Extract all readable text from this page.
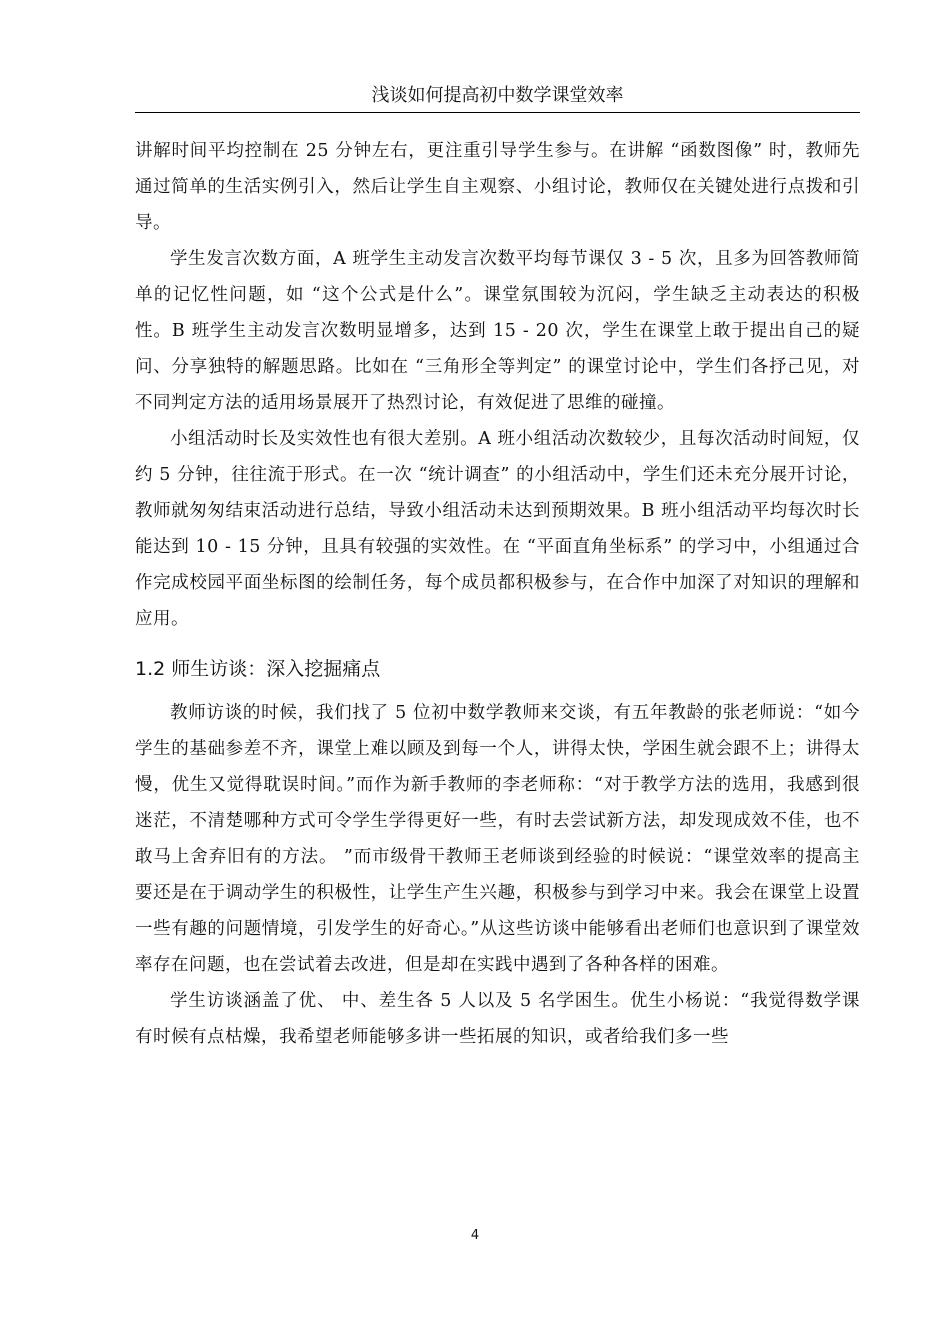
浅谈如何提高初中数学课堂效率

讲解时间平均控制在 25 分钟左右，更注重引导学生参与。在讲解 “函数图像” 时，教师先通过简单的生活实例引入，然后让学生自主观察、小组讨论，教师仅在关键处进行点拨和引导。

学生发言次数方面，A 班学生主动发言次数平均每节课仅 3 - 5 次，且多为回答教师简单的记忆性问题，如 “这个公式是什么”。课堂氛围较为沉闷，学生缺乏主动表达的积极性。B 班学生主动发言次数明显增多，达到 15 - 20 次，学生在课堂上敢于提出自己的疑问、分享独特的解题思路。比如在 “三角形全等判定” 的课堂讨论中，学生们各抒己见，对不同判定方法的适用场景展开了热烈讨论，有效促进了思维的碰撞。

小组活动时长及实效性也有很大差别。A 班小组活动次数较少，且每次活动时间短，仅约 5 分钟，往往流于形式。在一次 “统计调查” 的小组活动中，学生们还未充分展开讨论，教师就匆匆结束活动进行总结，导致小组活动未达到预期效果。B 班小组活动平均每次时长能达到 10 - 15 分钟，且具有较强的实效性。在 “平面直角坐标系” 的学习中，小组通过合作完成校园平面坐标图的绘制任务，每个成员都积极参与，在合作中加深了对知识的理解和应用。

1.2 师生访谈：深入挖掘痛点

教师访谈的时候，我们找了 5 位初中数学教师来交谈，有五年教龄的张老师说：“如今学生的基础参差不齐，课堂上难以顾及到每一个人，讲得太快，学困生就会跟不上；讲得太慢，优生又觉得耽误时间。”而作为新手教师的李老师称：“对于教学方法的选用，我感到很迷茫，不清楚哪种方式可令学生学得更好一些，有时去尝试新方法，却发现成效不佳，也不敢马上舍弃旧有的方法。 ”而市级骨干教师王老师谈到经验的时候说：“课堂效率的提高主要还是在于调动学生的积极性，让学生产生兴趣，积极参与到学习中来。我会在课堂上设置一些有趣的问题情境，引发学生的好奇心。”从这些访谈中能够看出老师们也意识到了课堂效率存在问题，也在尝试着去改进，但是却在实践中遇到了各种各样的困难。

学生访谈涵盖了优、 中、差生各 5 人以及 5 名学困生。优生小杨说：“我觉得数学课有时候有点枯燥，我希望老师能够多讲一些拓展的知识，或者给我们多一些

4
